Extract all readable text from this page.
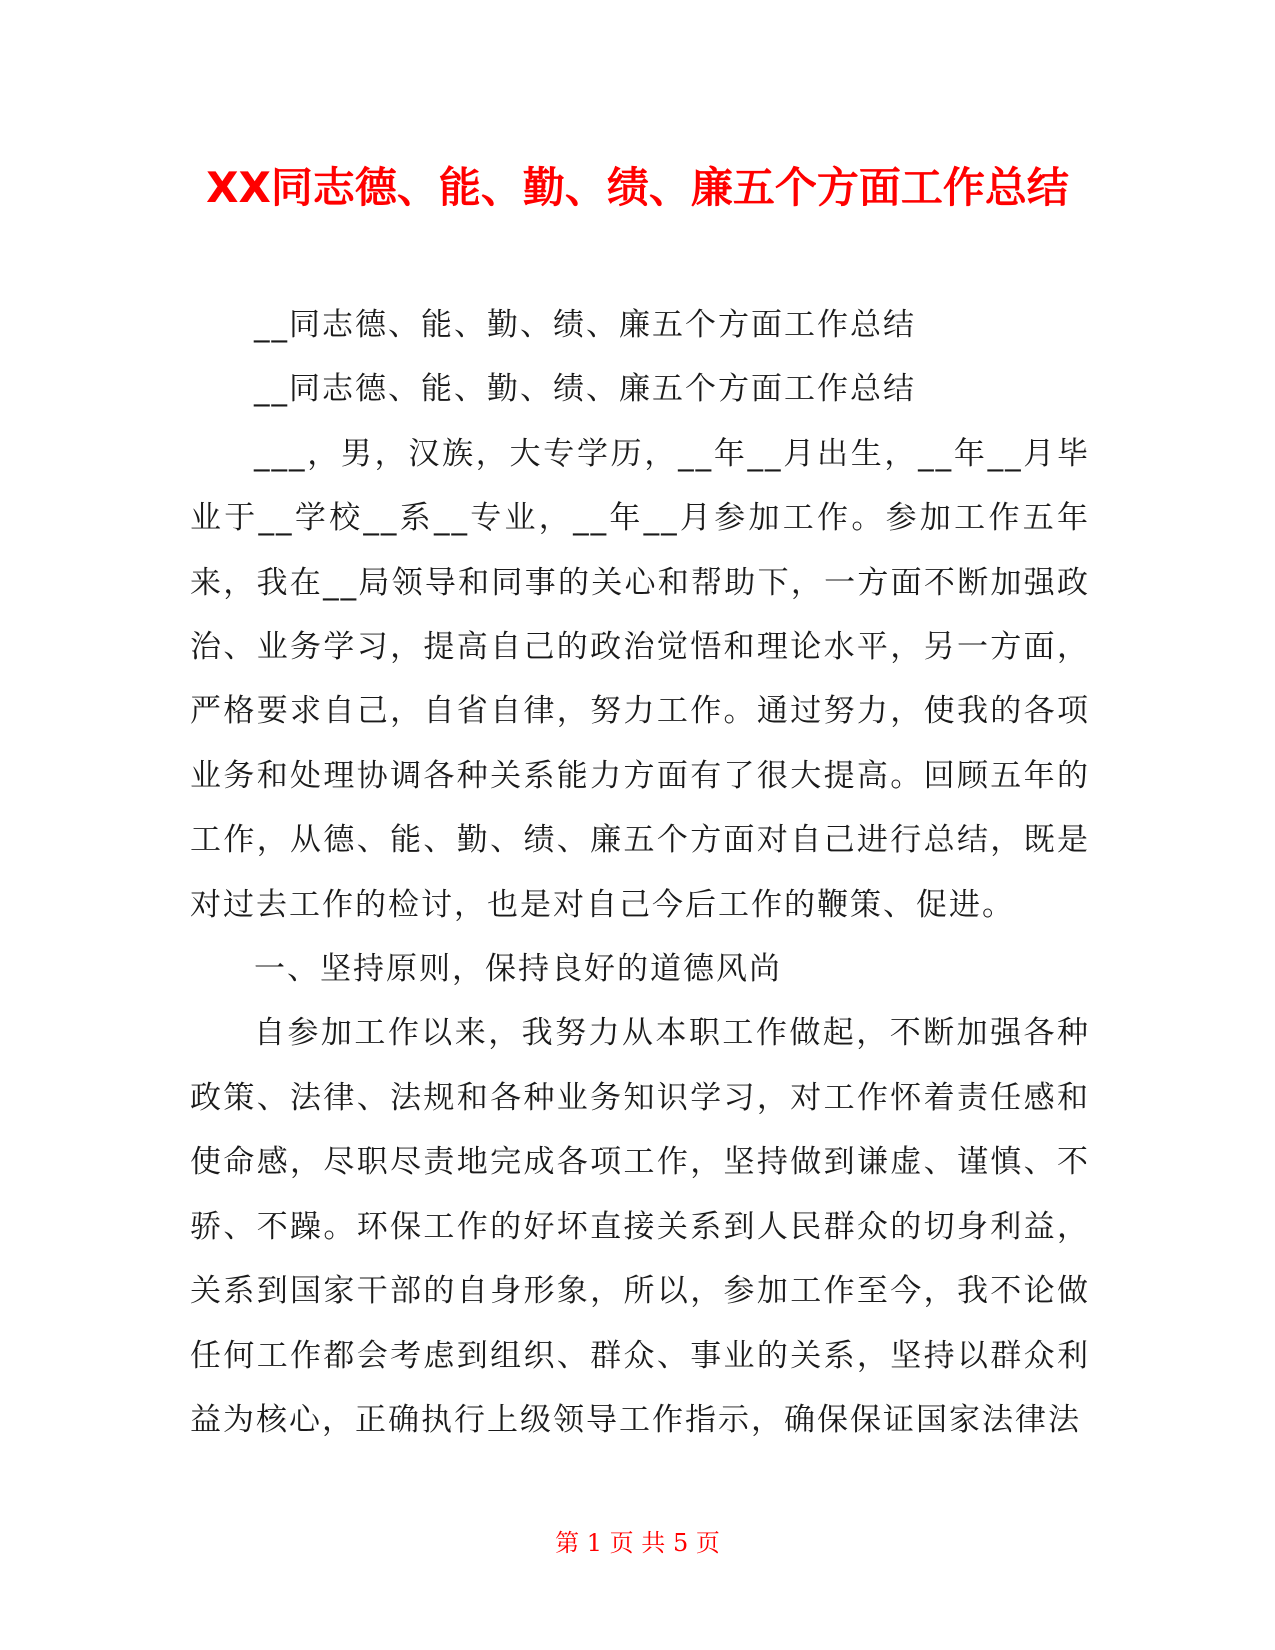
XX同志德、能、勤、绩、廉五个方面工作总结

__同志德、能、勤、绩、廉五个方面工作总结

__同志德、能、勤、绩、廉五个方面工作总结

___，男，汉族，大专学历，__年__月出生，__年__月毕业于__学校__系__专业，__年__月参加工作。参加工作五年来，我在__局领导和同事的关心和帮助下，一方面不断加强政治、业务学习，提高自己的政治觉悟和理论水平，另一方面，严格要求自己，自省自律，努力工作。通过努力，使我的各项业务和处理协调各种关系能力方面有了很大提高。回顾五年的工作，从德、能、勤、绩、廉五个方面对自己进行总结，既是对过去工作的检讨，也是对自己今后工作的鞭策、促进。

一、坚持原则，保持良好的道德风尚

自参加工作以来，我努力从本职工作做起，不断加强各种政策、法律、法规和各种业务知识学习，对工作怀着责任感和使命感，尽职尽责地完成各项工作，坚持做到谦虚、谨慎、不骄、不躁。环保工作的好坏直接关系到人民群众的切身利益，关系到国家干部的自身形象，所以，参加工作至今，我不论做任何工作都会考虑到组织、群众、事业的关系，坚持以群众利益为核心，正确执行上级领导工作指示，确保保证国家法律法

第 1 页 共 5 页
